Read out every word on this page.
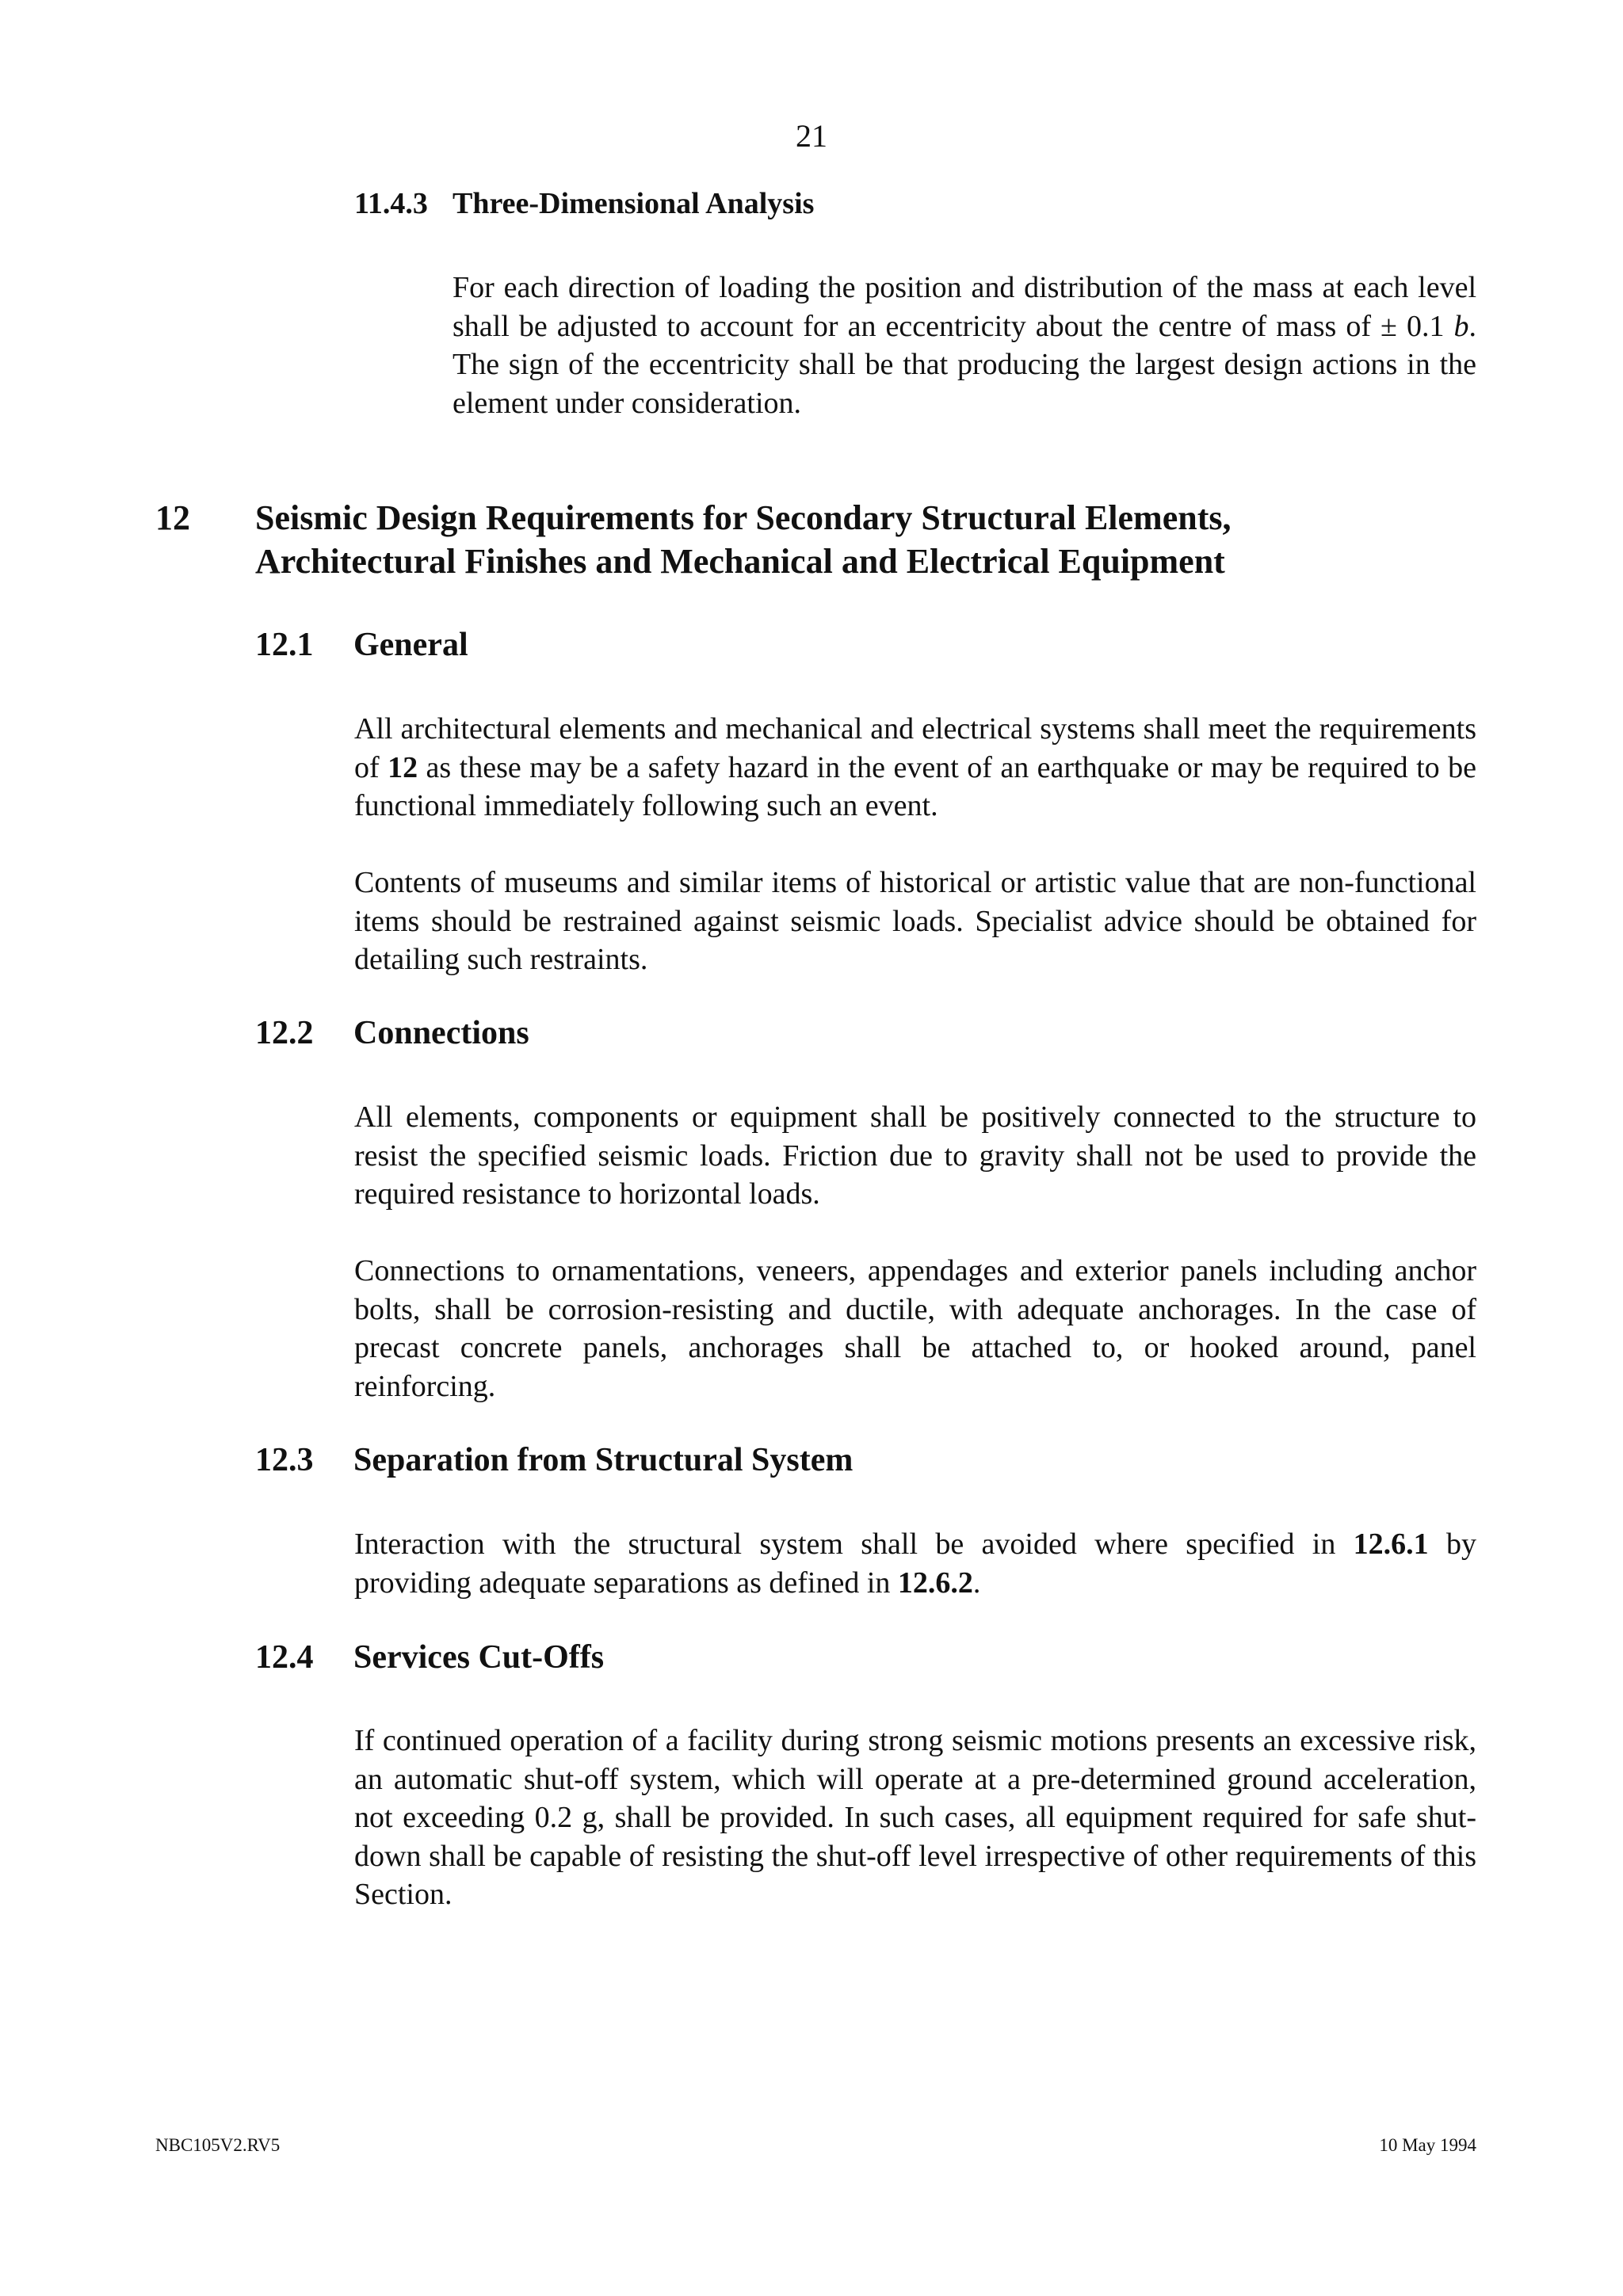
21
11.4.3 Three-Dimensional Analysis

For each direction of loading the position and distribution of the mass at each level shall be adjusted to account for an eccentricity about the centre of mass of ± 0.1 b. The sign of the eccentricity shall be that producing the largest design actions in the element under consideration.

12 Seismic Design Requirements for Secondary Structural Elements,
Architectural Finishes and Mechanical and Electrical Equipment
12.1 General

All architectural elements and mechanical and electrical systems shall meet the requirements of 12 as these may be a safety hazard in the event of an earthquake or may be required to be functional immediately following such an event.

Contents of museums and similar items of historical or artistic value that are non-functional items should be restrained against seismic loads. Specialist advice should be obtained for detailing such restraints.

12.2 Connections

All elements, components or equipment shall be positively connected to the structure to resist the specified seismic loads. Friction due to gravity shall not be used to provide the required resistance to horizontal loads.

Connections to ornamentations, veneers, appendages and exterior panels including anchor bolts, shall be corrosion-resisting and ductile, with adequate anchorages. In the case of precast concrete panels, anchorages shall be attached to, or hooked around, panel reinforcing.

12.3 Separation from Structural System

Interaction with the structural system shall be avoided where specified in 12.6.1 by providing adequate separations as defined in 12.6.2.

12.4 Services Cut-Offs

If continued operation of a facility during strong seismic motions presents an excessive risk, an automatic shut-off system, which will operate at a pre-determined ground acceleration, not exceeding 0.2 g, shall be provided. In such cases, all equipment required for safe shut-down shall be capable of resisting the shut-off level irrespective of other requirements of this Section.

NBC105V2.RV5	10 May 1994
